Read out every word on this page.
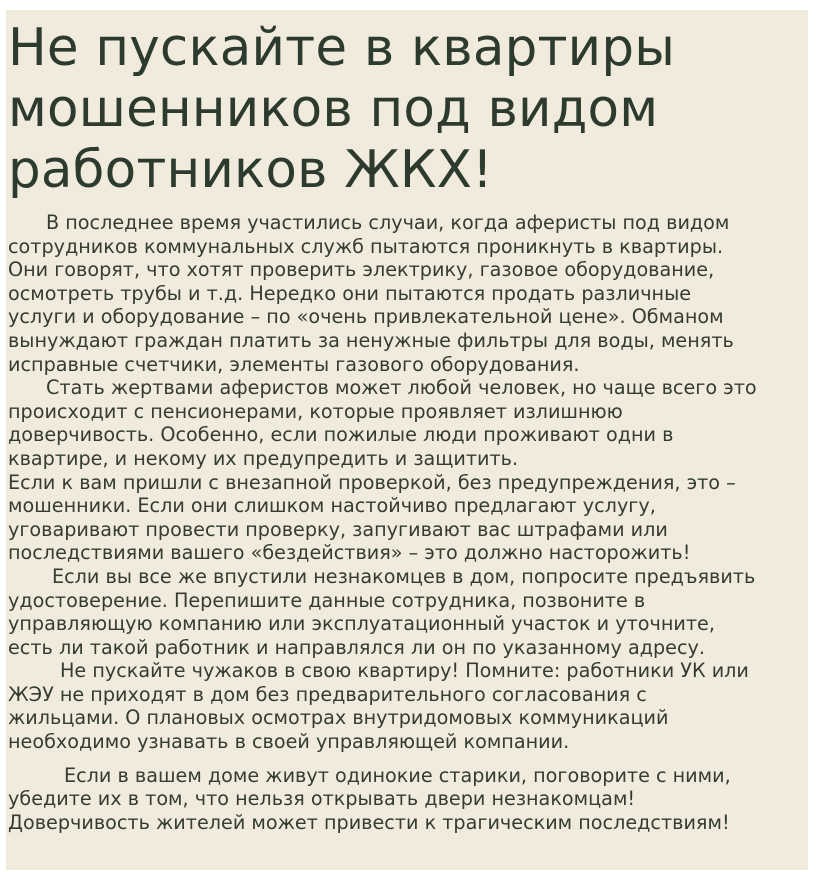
Не пускайте в квартиры
мошенников под видом
работников ЖКХ!

В последнее время участились случаи, когда аферисты под видом
сотрудников коммунальных служб пытаются проникнуть в квартиры.
Они говорят, что хотят проверить электрику, газовое оборудование,
осмотреть трубы и т.д. Нередко они пытаются продать различные
услуги и оборудование – по «очень привлекательной цене». Обманом
вынуждают граждан платить за ненужные фильтры для воды, менять
исправные счетчики, элементы газового оборудования.

Стать жертвами аферистов может любой человек, но чаще всего это
происходит с пенсионерами, которые проявляет излишнюю
доверчивость. Особенно, если пожилые люди проживают одни в
квартире, и некому их предупредить и защитить.

Если к вам пришли с внезапной проверкой, без предупреждения, это –
мошенники. Если они слишком настойчиво предлагают услугу,
уговаривают провести проверку, запугивают вас штрафами или
последствиями вашего «бездействия» – это должно насторожить!

Если вы все же впустили незнакомцев в дом, попросите предъявить
удостоверение. Перепишите данные сотрудника, позвоните в
управляющую компанию или эксплуатационный участок и уточните,
есть ли такой работник и направлялся ли он по указанному адресу.

Не пускайте чужаков в свою квартиру! Помните: работники УК или
ЖЭУ не приходят в дом без предварительного согласования с
жильцами. О плановых осмотрах внутридомовых коммуникаций
необходимо узнавать в своей управляющей компании.

Если в вашем доме живут одинокие старики, поговорите с ними,
убедите их в том, что нельзя открывать двери незнакомцам!
Доверчивость жителей может привести к трагическим последствиям!
